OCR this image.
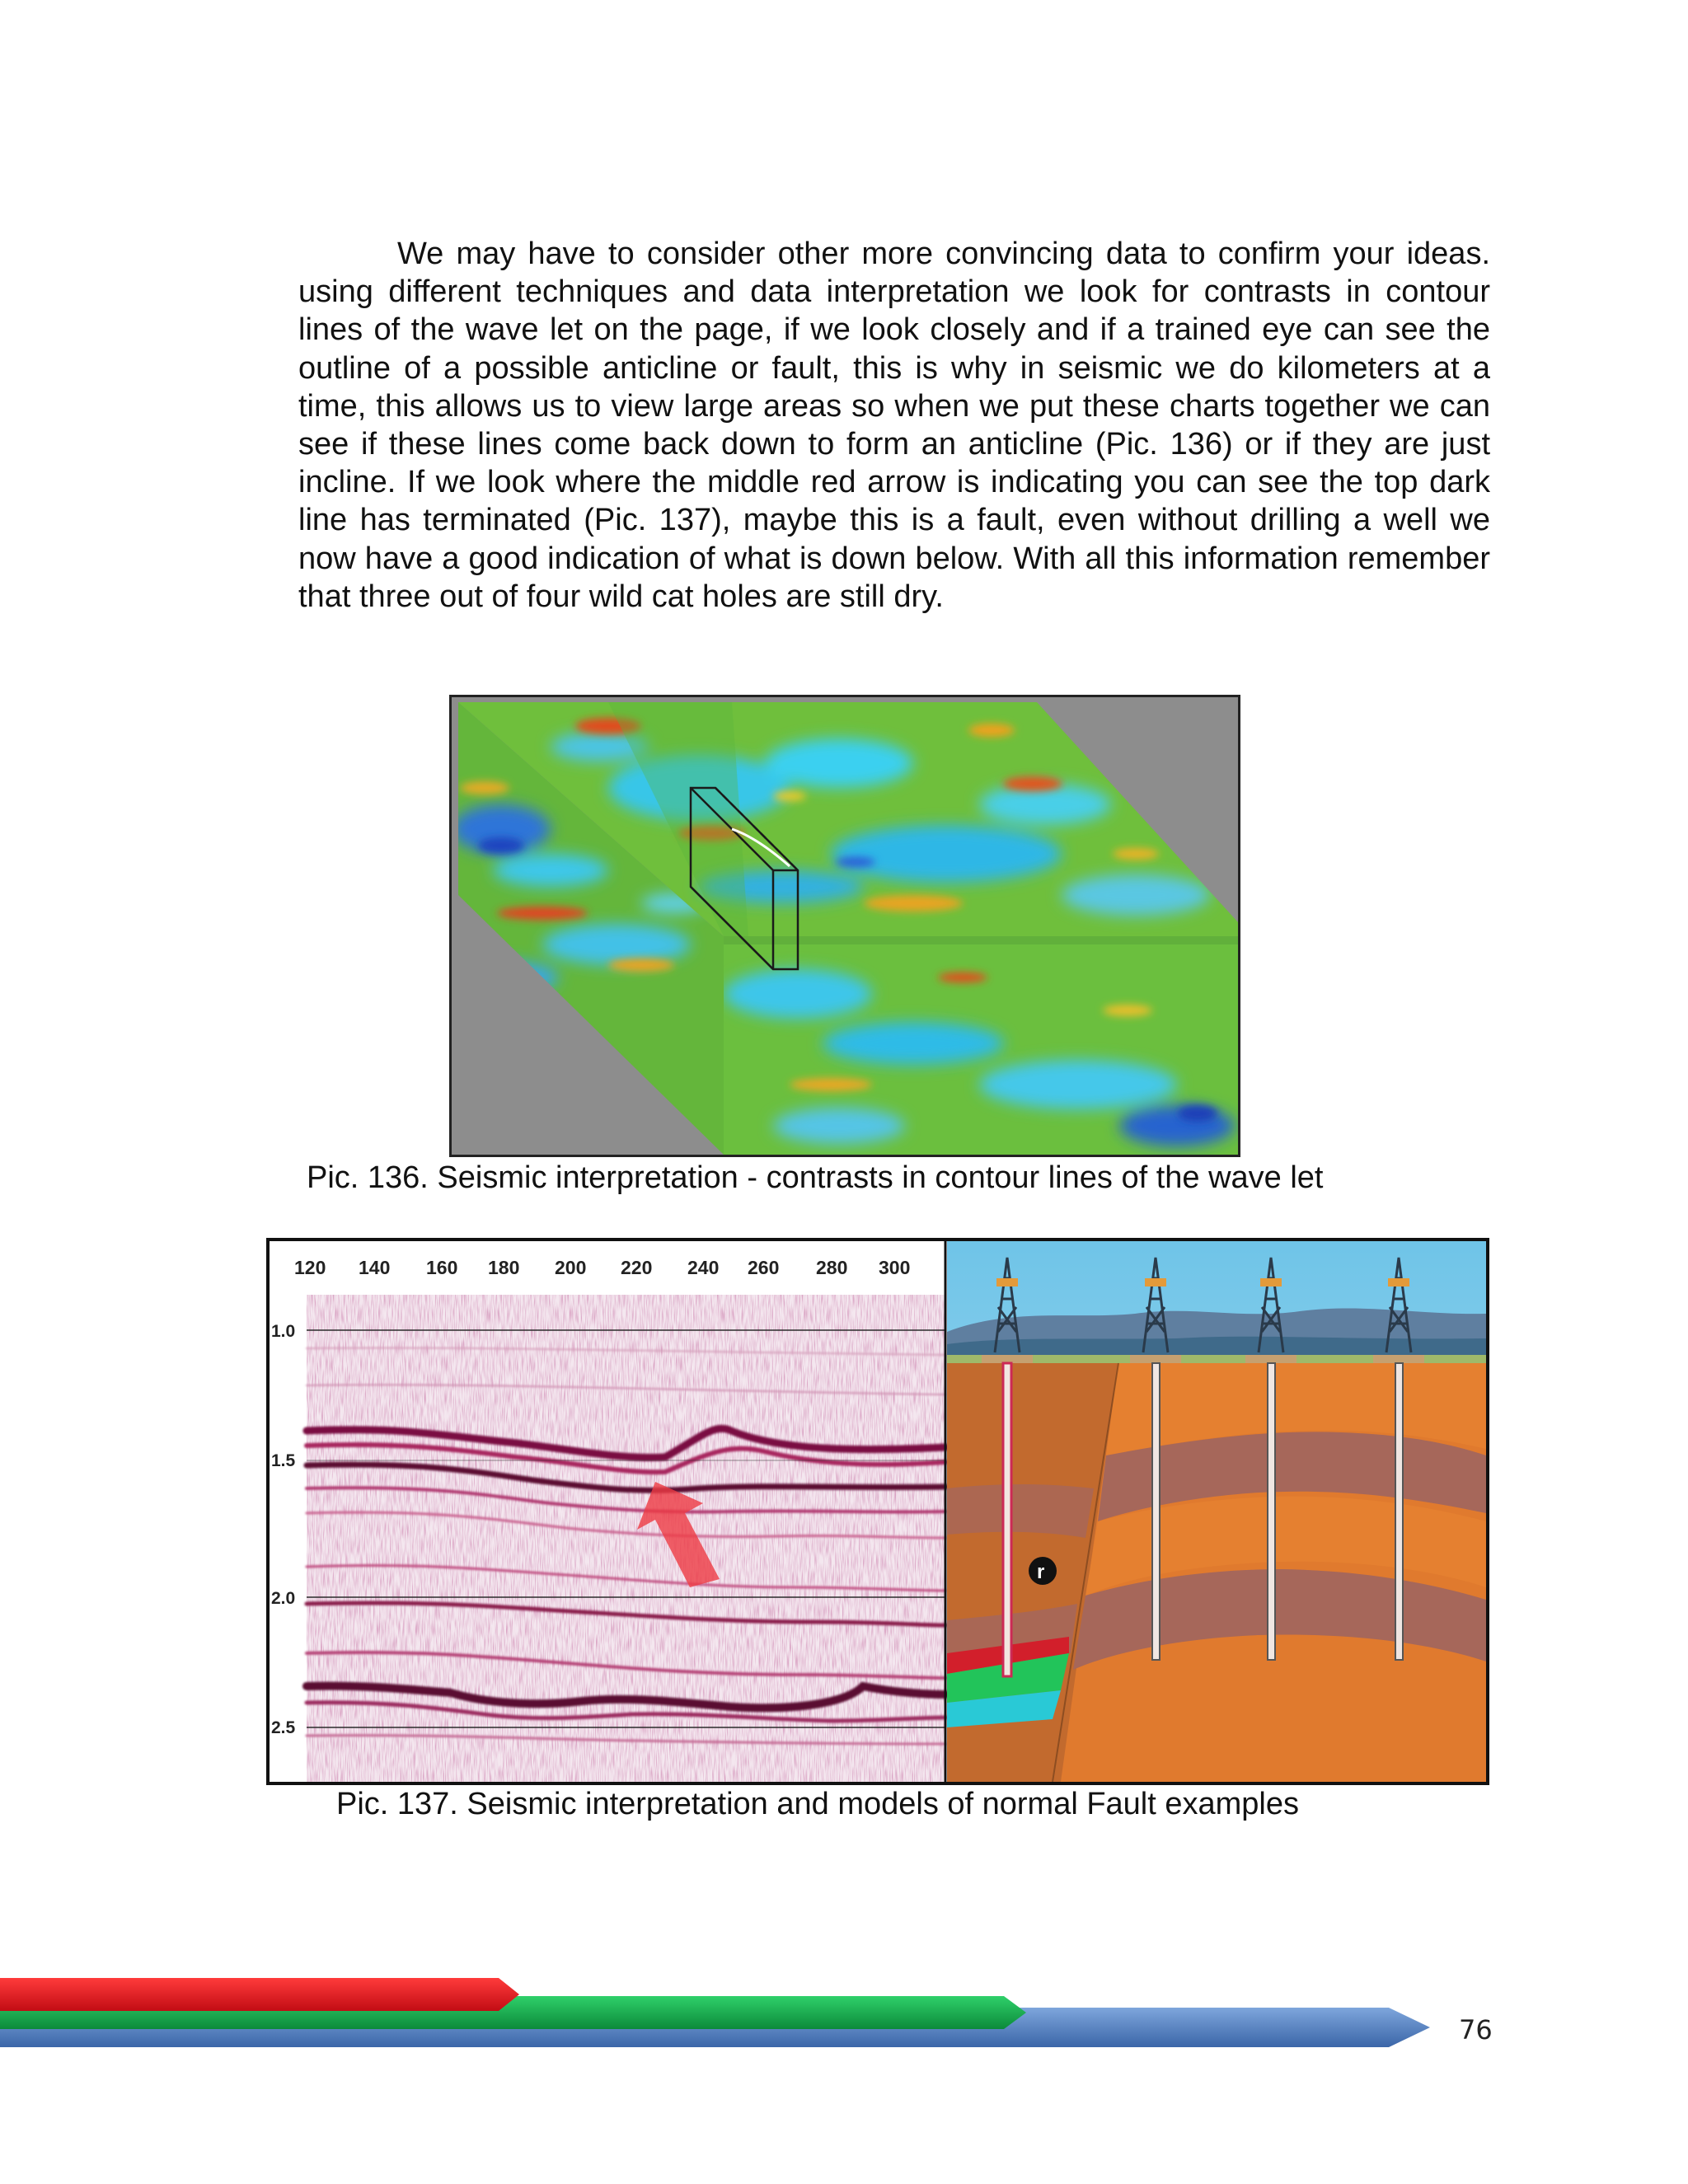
We may have to consider other more convincing data to confirm your ideas. using different techniques and data interpretation we look for contrasts in contour lines of the wave let on the page, if we look closely and if a trained eye can see the outline of a possible anticline or fault, this is why in seismic we do kilometers at a time, this allows us to view large areas so when we put these charts together we can see if these lines come back down to form an anticline (Pic. 136) or if they are just incline. If we look where the middle red arrow is indicating you can see the top dark line has terminated (Pic. 137), maybe this is a fault, even without drilling a well we now have a good indication of what is down below. With all this information remember that three out of four wild cat holes are still dry.

Pic. 136. Seismic interpretation - contrasts in contour lines of the wave let
120 140 160 180 200 220 240 260 280 300
1.0
1.5
2.0
2.5
r
Pic. 137. Seismic interpretation and models of normal Fault examples
76
